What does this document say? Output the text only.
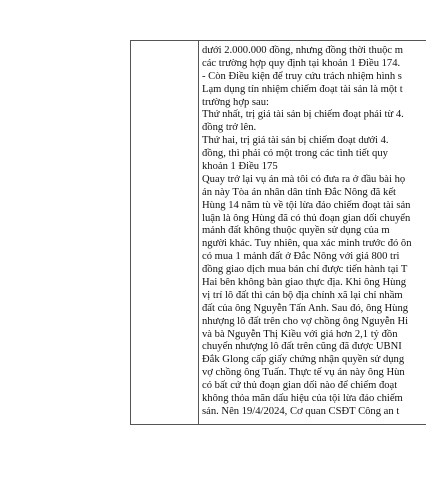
dưới 2.000.000 đồng, nhưng đồng thời thuộc m
các trường hợp quy định tại khoản 1 Điều 174.
- Còn Điều kiện để truy cứu trách nhiệm hình s
Lạm dụng tín nhiệm chiếm đoạt tài sản là một t
trường hợp sau:
Thứ nhất, trị giá tài sản bị chiếm đoạt phải từ 4.
đồng trở lên.
Thứ hai, trị giá tài sản bị chiếm đoạt dưới 4.
đồng, thì phải có một trong các tình tiết quy
khoản 1 Điều 175
Quay trở lại vụ án mà tôi có đưa ra ở đầu bài họ
án này Tòa án nhân dân tỉnh Đắc Nông đã kết
Hùng 14 năm tù về tội lừa đảo chiếm đoạt tài sản
luận là ông Hùng đã có thủ đoạn gian dối chuyển
mảnh đất không thuộc quyền sử dụng của m
người khác. Tuy nhiên, qua xác minh trước đó ôn
có mua 1 mảnh đất ở Đắc Nông với giá 800 tri
đồng giao dịch mua bán chỉ được tiến hành tại T
Hai bên không bàn giao thực địa. Khi ông Hùng
vị trí lô đất thì cán bộ địa chính xã lại chỉ nhầm
đất của ông Nguyễn Tấn Anh. Sau đó, ông Hùng
nhượng lô đất trên cho vợ chồng ông Nguyễn Hi
và bà Nguyễn Thị Kiều với giá hơn 2,1 tỷ đồn
chuyển nhượng lô đất trên cũng đã được UBNI
Đắk Glong cấp giấy chứng nhận quyền sử dụng
vợ chồng ông Tuấn. Thực tế vụ án này ông Hùn
có bất cứ thủ đoạn gian dối nào để chiếm đoạt
không thỏa mãn dấu hiệu của tội lừa đảo chiếm
sản. Nên 19/4/2024, Cơ quan CSĐT Công an t
